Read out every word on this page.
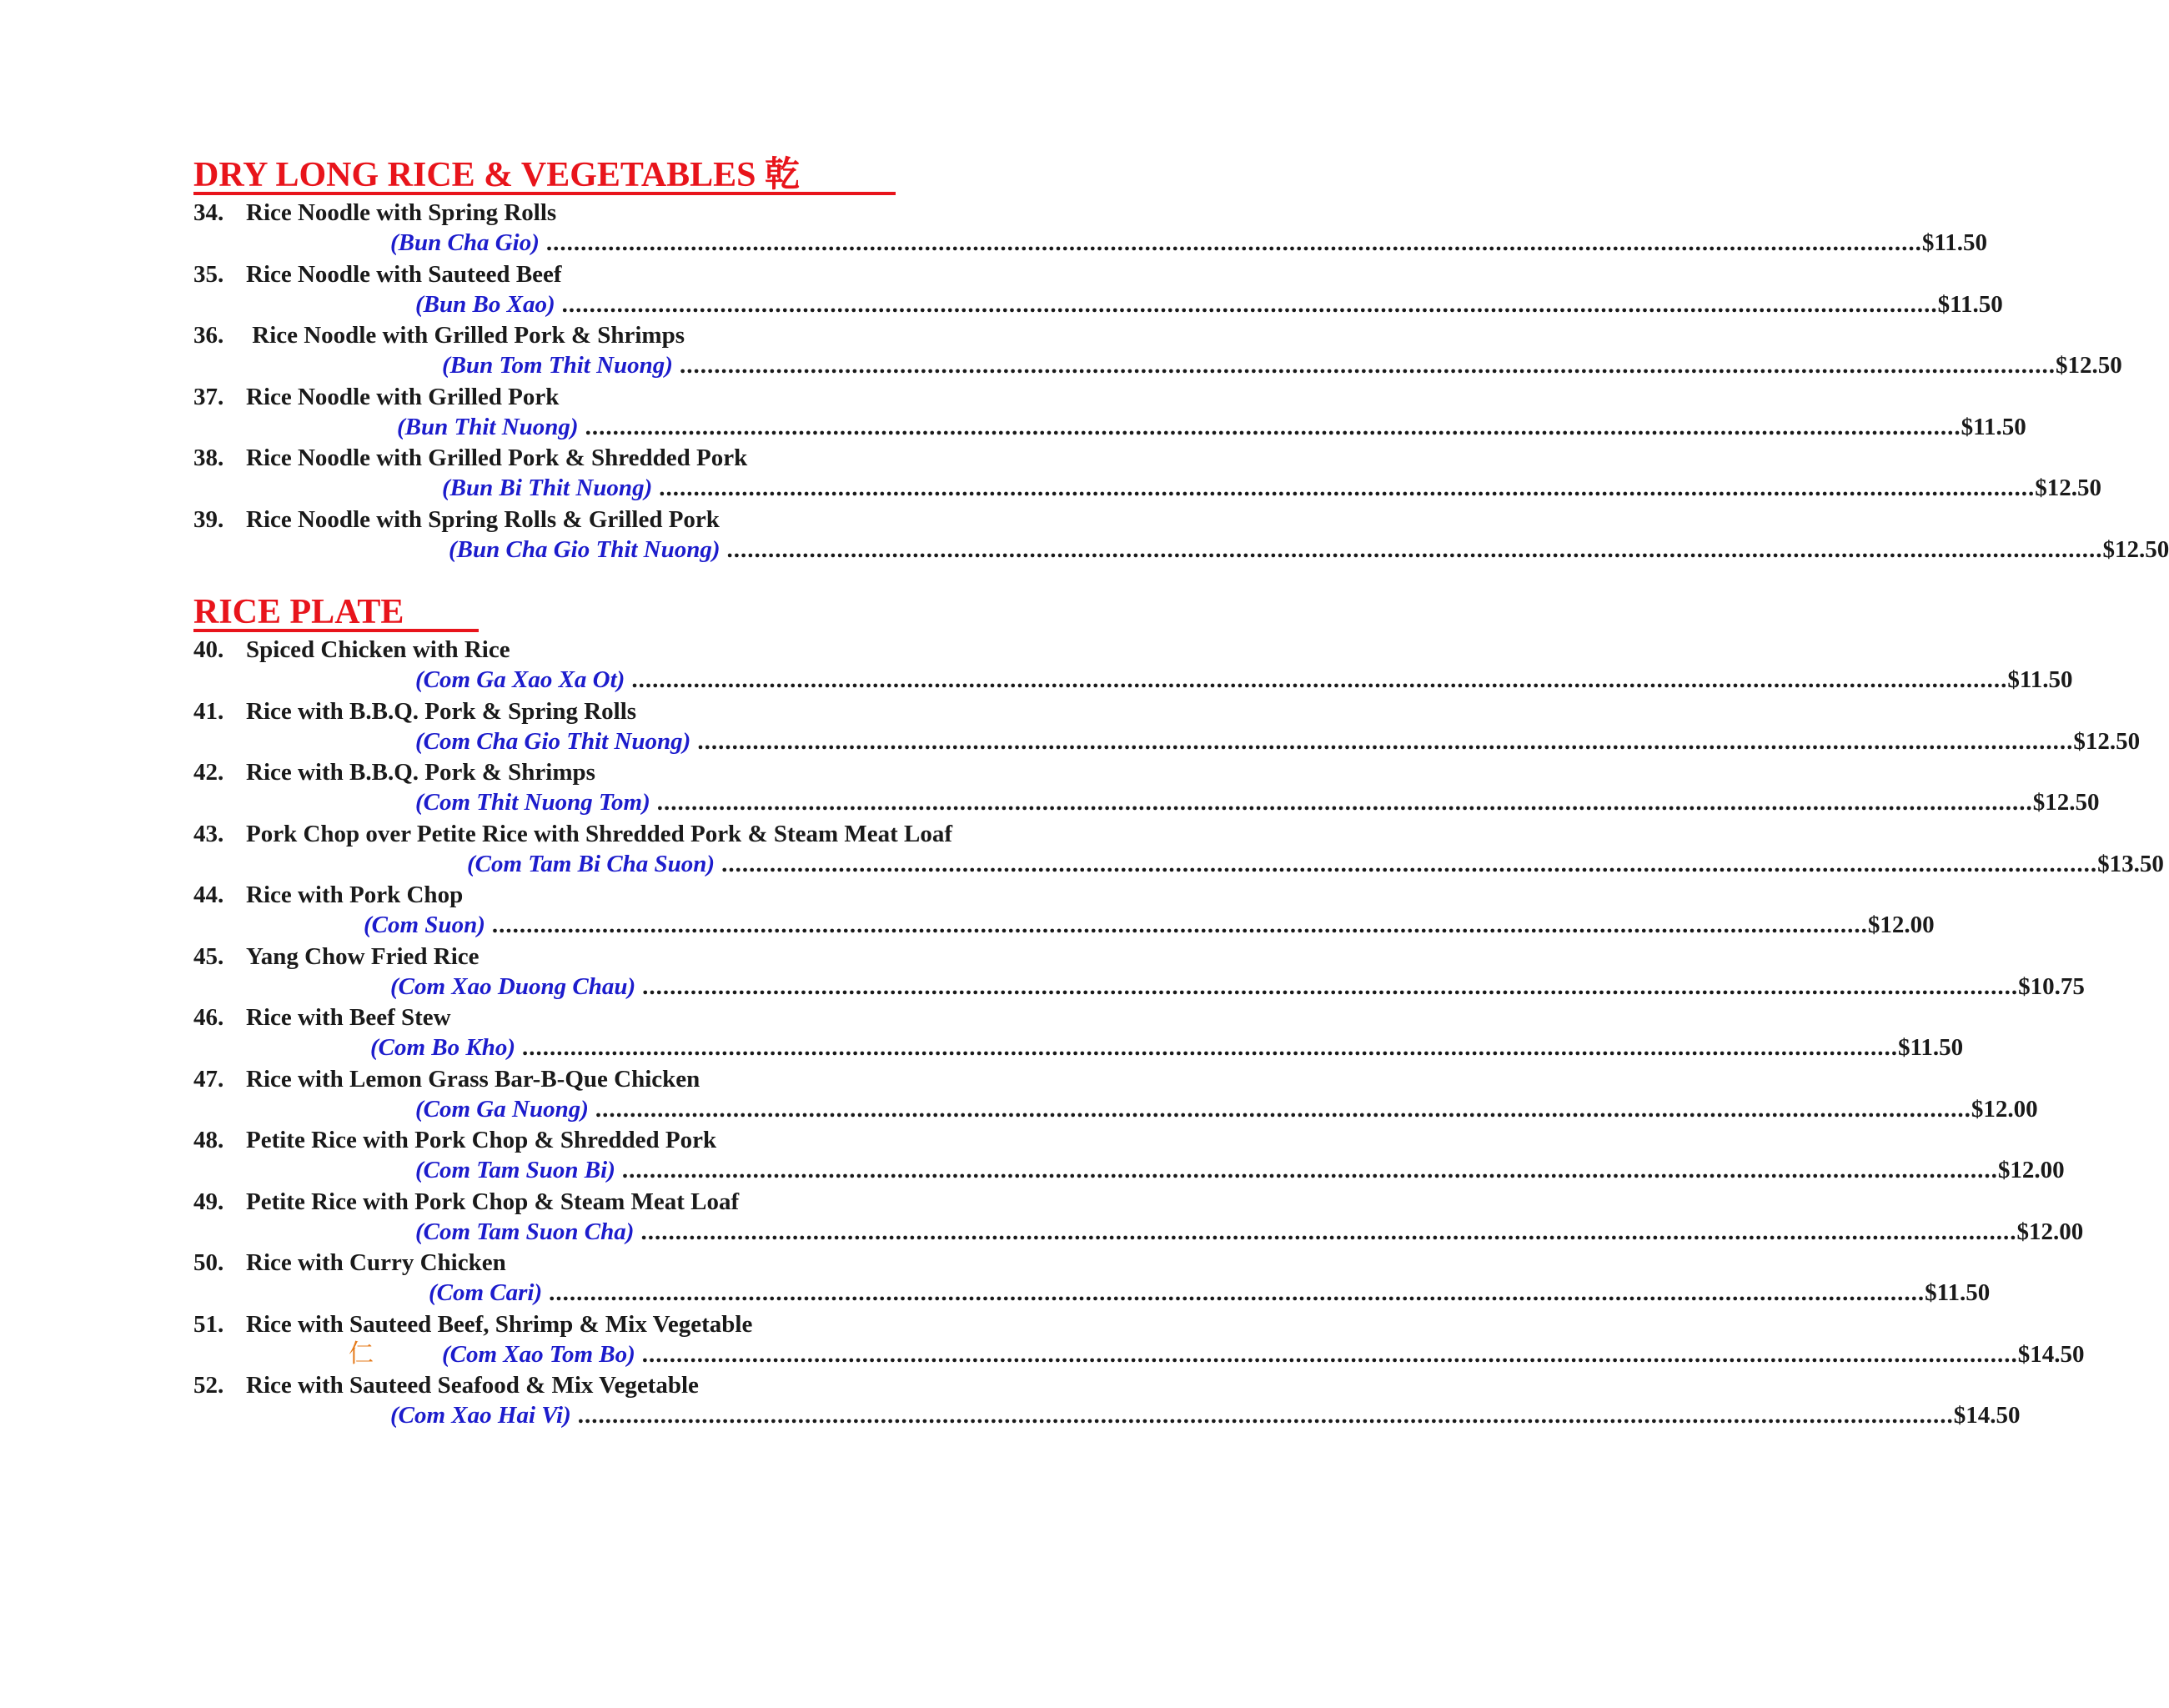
DRY LONG RICE & VEGETABLES 乾
34. Rice Noodle with Spring Rolls
(Bun Cha Gio) ........................................................................................................................................................................................................ $11.50
35. Rice Noodle with Sauteed Beef
(Bun Bo Xao) ........................................................................................................................................................................................................ $11.50
36. Rice Noodle with Grilled Pork & Shrimps
(Bun Tom Thit Nuong) ........................................................................................................................................................................................................ $12.50
37. Rice Noodle with Grilled Pork
(Bun Thit Nuong) ........................................................................................................................................................................................................ $11.50
38. Rice Noodle with Grilled Pork & Shredded Pork
(Bun Bi Thit Nuong) ........................................................................................................................................................................................................ $12.50
39. Rice Noodle with Spring Rolls & Grilled Pork
(Bun Cha Gio Thit Nuong) ........................................................................................................................................................................................................ $12.50
RICE PLATE
40. Spiced Chicken with Rice
(Com Ga Xao Xa Ot) ........................................................................................................................................................................................................ $11.50
41. Rice with B.B.Q. Pork & Spring Rolls
(Com Cha Gio Thit Nuong) ........................................................................................................................................................................................................ $12.50
42. Rice with B.B.Q. Pork & Shrimps
(Com Thit Nuong Tom) ........................................................................................................................................................................................................ $12.50
43. Pork Chop over Petite Rice with Shredded Pork & Steam Meat Loaf
(Com Tam Bi Cha Suon) ........................................................................................................................................................................................................ $13.50
44. Rice with Pork Chop
(Com Suon) ........................................................................................................................................................................................................ $12.00
45. Yang Chow Fried Rice
(Com Xao Duong Chau) ........................................................................................................................................................................................................ $10.75
46. Rice with Beef Stew
(Com Bo Kho) ........................................................................................................................................................................................................ $11.50
47. Rice with Lemon Grass Bar-B-Que Chicken
(Com Ga Nuong) ........................................................................................................................................................................................................ $12.00
48. Petite Rice with Pork Chop & Shredded Pork
(Com Tam Suon Bi) ........................................................................................................................................................................................................ $12.00
49. Petite Rice with Pork Chop & Steam Meat Loaf
(Com Tam Suon Cha) ........................................................................................................................................................................................................ $12.00
50. Rice with Curry Chicken
(Com Cari) ........................................................................................................................................................................................................ $11.50
51. Rice with Sauteed Beef, Shrimp & Mix Vegetable
(Com Xao Tom Bo) ........................................................................................................................................................................................................ $14.50
仁
52. Rice with Sauteed Seafood & Mix Vegetable
(Com Xao Hai Vi) ........................................................................................................................................................................................................ $14.50
